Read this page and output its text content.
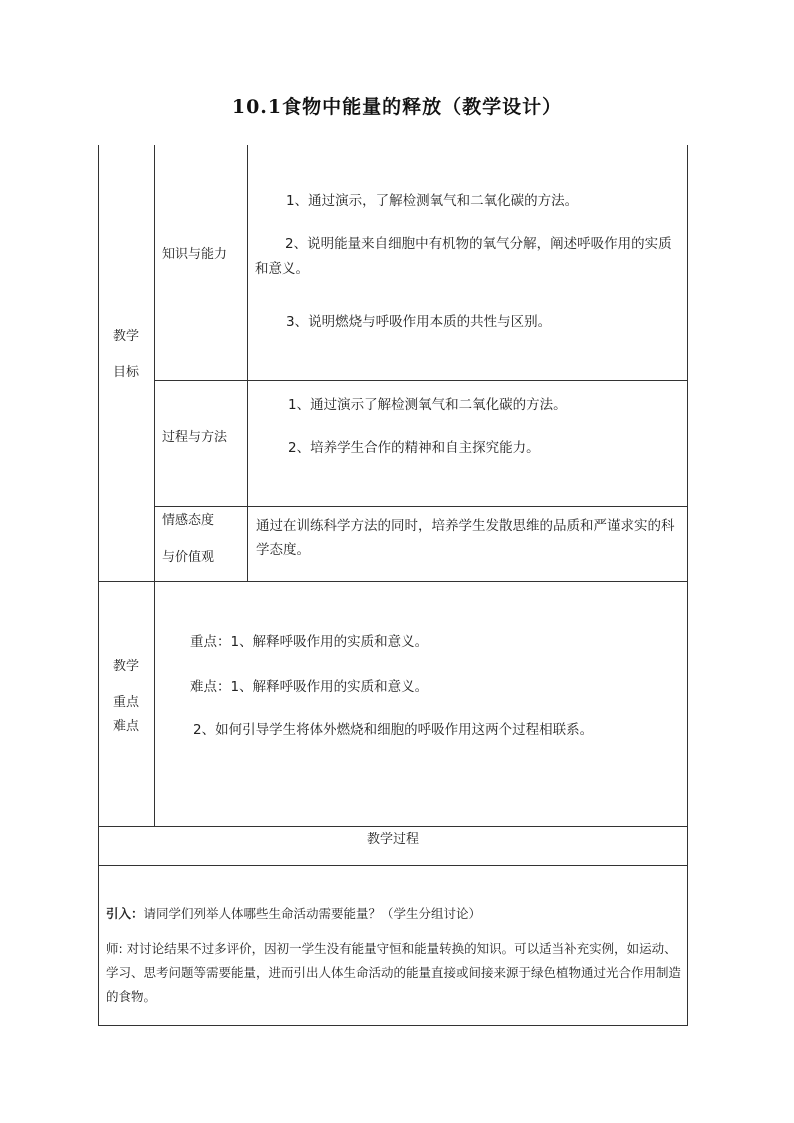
10.1食物中能量的释放（教学设计）
教学
目标
知识与能力
1、通过演示，了解检测氧气和二氧化碳的方法。
2、说明能量来自细胞中有机物的氧气分解，阐述呼吸作用的实质和意义。
3、说明燃烧与呼吸作用本质的共性与区别。
过程与方法
1、通过演示了解检测氧气和二氧化碳的方法。
2、培养学生合作的精神和自主探究能力。
情感态度
与价值观
通过在训练科学方法的同时，培养学生发散思维的品质和严谨求实的科学态度。
教学
重点
难点
重点：1、解释呼吸作用的实质和意义。
难点：1、解释呼吸作用的实质和意义。
2、如何引导学生将体外燃烧和细胞的呼吸作用这两个过程相联系。
教学过程
引入：请同学们列举人体哪些生命活动需要能量？（学生分组讨论）
师: 对讨论结果不过多评价，因初一学生没有能量守恒和能量转换的知识。可以适当补充实例，如运动、学习、思考问题等需要能量，进而引出人体生命活动的能量直接或间接来源于绿色植物通过光合作用制造的食物。
